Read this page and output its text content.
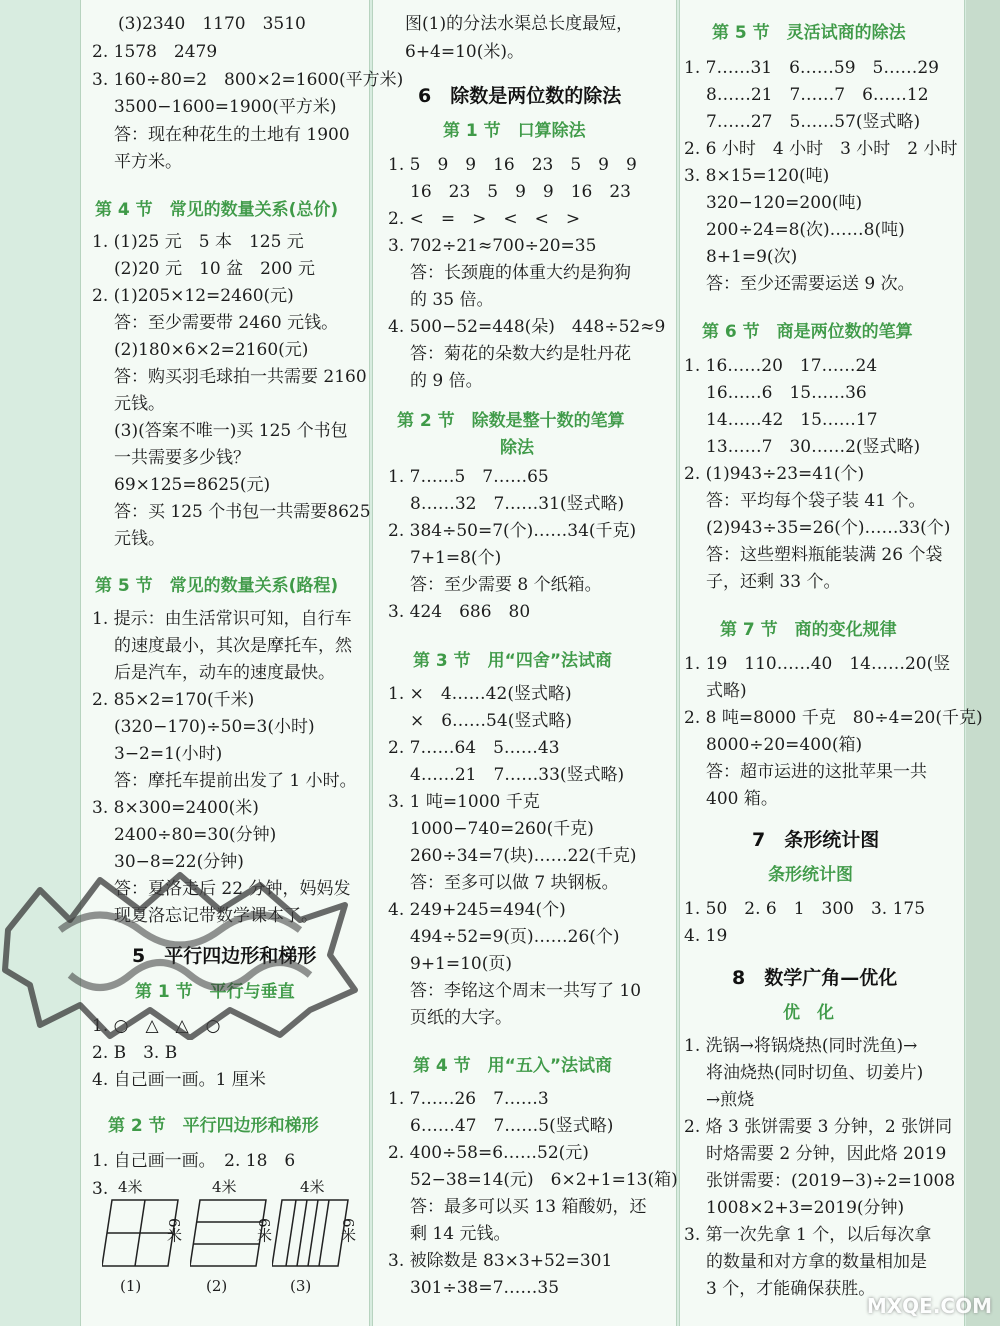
(3)2340　1170　3510
2. 1578　2479
3. 160÷80=2　800×2=1600(平方米)
3500−1600=1900(平方米)
答：现在种花生的土地有 1900
平方米。
第 4 节　常见的数量关系(总价)
1. (1)25 元　5 本　125 元
(2)20 元　10 盆　200 元
2. (1)205×12=2460(元)
答：至少需要带 2460 元钱。
(2)180×6×2=2160(元)
答：购买羽毛球拍一共需要 2160
元钱。
(3)(答案不唯一)买 125 个书包
一共需要多少钱？
69×125=8625(元)
答：买 125 个书包一共需要8625
元钱。
第 5 节　常见的数量关系(路程)
1. 提示：由生活常识可知，自行车
的速度最小，其次是摩托车，然
后是汽车，动车的速度最快。
2. 85×2=170(千米)
(320−170)÷50=3(小时)
3−2=1(小时)
答：摩托车提前出发了 1 小时。
3. 8×300=2400(米)
2400÷80=30(分钟)
30−8=22(分钟)
答：夏洛走后 22 分钟，妈妈发
现夏洛忘记带数学课本了。
5　平行四边形和梯形
第 1 节　平行与垂直
1. ○　△　△　○
2. B　3. B
4. 自己画一画。1 厘米
第 2 节　平行四边形和梯形
1. 自己画一画。　2. 18　6
3. 4米
6米
(1)
4米
6米
(2)
4米
6米
(3)
图(1)的分法水渠总长度最短，
6+4=10(米)。
6　除数是两位数的除法
第 1 节　口算除法
1. 5　9　9　16　23　5　9　9
16　23　5　9　9　16　23
2. <　=　>　<　<　>
3. 702÷21≈700÷20=35
答：长颈鹿的体重大约是狗狗
的 35 倍。
4. 500−52=448(朵)　448÷52≈9
答：菊花的朵数大约是牡丹花
的 9 倍。
第 2 节　除数是整十数的笔算
除法
1. 7……5　7……65
8……32　7……31(竖式略)
2. 384÷50=7(个)……34(千克)
7+1=8(个)
答：至少需要 8 个纸箱。
3. 424　686　80
第 3 节　用“四舍”法试商
1. ×　4……42(竖式略)
×　6……54(竖式略)
2. 7……64　5……43
4……21　7……33(竖式略)
3. 1 吨=1000 千克
1000−740=260(千克)
260÷34=7(块)……22(千克)
答：至多可以做 7 块钢板。
4. 249+245=494(个)
494÷52=9(页)……26(个)
9+1=10(页)
答：李铭这个周末一共写了 10
页纸的大字。
第 4 节　用“五入”法试商
1. 7……26　7……3
6……47　7……5(竖式略)
2. 400÷58=6……52(元)
52−38=14(元)　6×2+1=13(箱)
答：最多可以买 13 箱酸奶，还
剩 14 元钱。
3. 被除数是 83×3+52=301
301÷38=7……35
第 5 节　灵活试商的除法
1. 7……31　6……59　5……29
8……21　7……7　6……12
7……27　5……57(竖式略)
2. 6 小时　4 小时　3 小时　2 小时
3. 8×15=120(吨)
320−120=200(吨)
200÷24=8(次)……8(吨)
8+1=9(次)
答：至少还需要运送 9 次。
第 6 节　商是两位数的笔算
1. 16……20　17……24
16……6　15……36
14……42　15……17
13……7　30……2(竖式略)
2. (1)943÷23=41(个)
答：平均每个袋子装 41 个。
(2)943÷35=26(个)……33(个)
答：这些塑料瓶能装满 26 个袋
子，还剩 33 个。
第 7 节　商的变化规律
1. 19　110……40　14……20(竖
式略)
2. 8 吨=8000 千克　80÷4=20(千克)
8000÷20=400(箱)
答：超市运进的这批苹果一共
400 箱。
7　条形统计图
条形统计图
1. 50　2. 6　1　300　3. 175
4. 19
8　数学广角—优化
优　化
1. 洗锅→将锅烧热(同时洗鱼)→
将油烧热(同时切鱼、切姜片)
→煎烧
2. 烙 3 张饼需要 3 分钟，2 张饼同
时烙需要 2 分钟，因此烙 2019
张饼需要：(2019−3)÷2=1008
1008×2+3=2019(分钟)
3. 第一次先拿 1 个，以后每次拿
的数量和对方拿的数量相加是
3 个，才能确保获胜。
MXQE.COM
